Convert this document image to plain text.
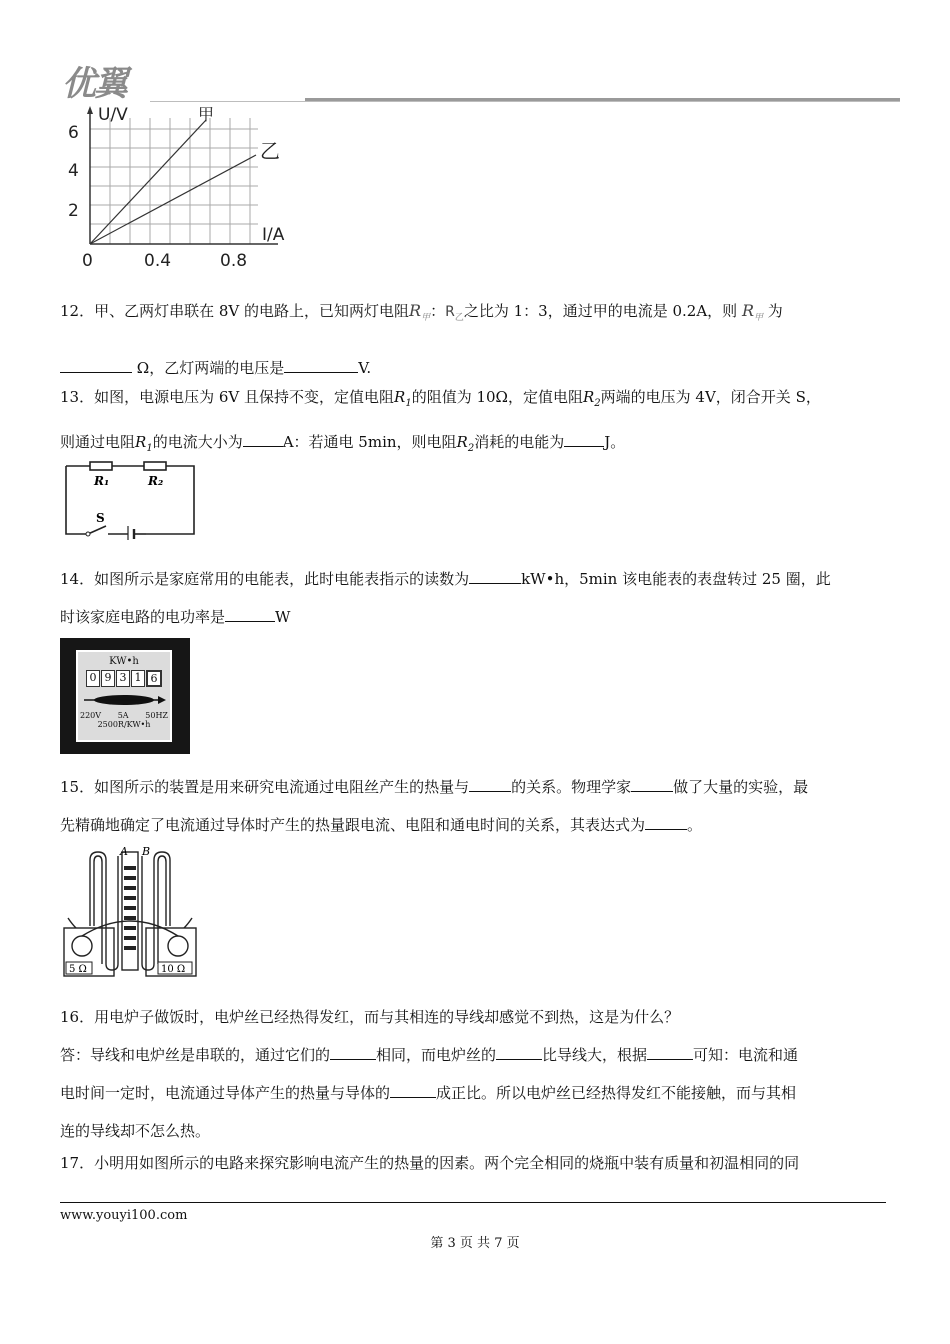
优翼
U/V
I/A
甲
乙
6
4
2
0	0.4	0.8
12．甲、乙两灯串联在 8V 的电路上，已知两灯电阻$R_甲$：$R_乙$之比为 1：3，通过甲的电流是 0.2A，则 $R_甲$ 为
Ω，乙灯两端的电压是	V.
13．如图，电源电压为 6V 且保持不变，定值电阻$R_1$的阻值为 10Ω，定值电阻$R_2$两端的电压为 4V，闭合开关 S，
则通过电阻$R_1$的电流大小为	A：若通电 5min，则电阻$R_2$消耗的电能为	J。
R₁	R₂
S
14．如图所示是家庭常用的电能表，此时电能表指示的读数为	kW•h，5min 该电能表的表盘转过 25 圈，此
时该家庭电路的电功率是	W
KW•h
0 9 3 1 6
220V 5A 50HZ
2500R/KW•h
15．如图所示的装置是用来研究电流通过电阻丝产生的热量与	的关系。物理学家	做了大量的实验，最
先精确地确定了电流通过导体时产生的热量跟电流、电阻和通电时间的关系，其表达式为	。
A B
5 Ω	10 Ω
16．用电炉子做饭时，电炉丝已经热得发红，而与其相连的导线却感觉不到热，这是为什么？
答：导线和电炉丝是串联的，通过它们的	相同，而电炉丝的	比导线大，根据	可知：电流和通
电时间一定时，电流通过导体产生的热量与导体的	成正比。所以电炉丝已经热得发红不能接触，而与其相
连的导线却不怎么热。
17．小明用如图所示的电路来探究影响电流产生的热量的因素。两个完全相同的烧瓶中装有质量和初温相同的同
www.youyi100.com
第 3 页 共 7 页
